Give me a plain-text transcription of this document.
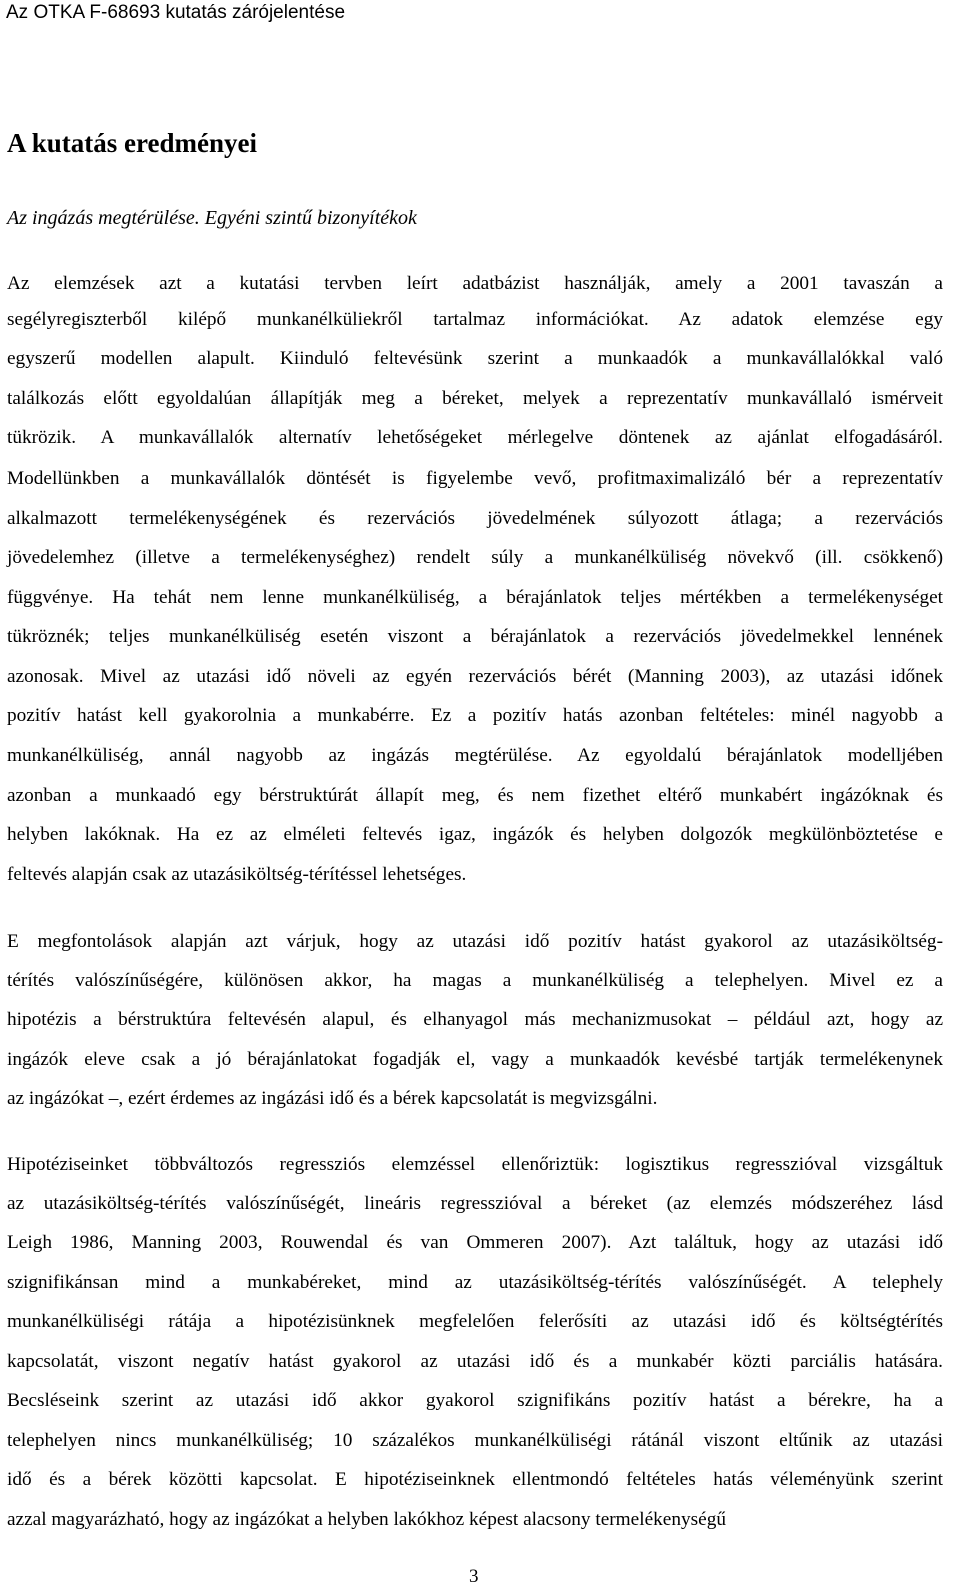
Az OTKA F-68693 kutatás zárójelentése
A kutatás eredményei
Az ingázás megtérülése. Egyéni szintű bizonyítékok
Az elemzések azt a kutatási tervben leírt adatbázist használják, amely a 2001 tavaszán a
segélyregiszterből kilépő munkanélküliekről tartalmaz információkat. Az adatok elemzése egy
egyszerű modellen alapult. Kiinduló feltevésünk szerint a munkaadók a munkavállalókkal való
találkozás előtt egyoldalúan állapítják meg a béreket, melyek a reprezentatív munkavállaló ismérveit
tükrözik. A munkavállalók alternatív lehetőségeket mérlegelve döntenek az ajánlat elfogadásáról.
Modellünkben a munkavállalók döntését is figyelembe vevő, profitmaximalizáló bér a reprezentatív
alkalmazott termelékenységének és rezervációs jövedelmének súlyozott átlaga; a rezervációs
jövedelemhez (illetve a termelékenységhez) rendelt súly a munkanélküliség növekvő (ill. csökkenő)
függvénye. Ha tehát nem lenne munkanélküliség, a bérajánlatok teljes mértékben a termelékenységet
tükröznék; teljes munkanélküliség esetén viszont a bérajánlatok a rezervációs jövedelmekkel lennének
azonosak. Mivel az utazási idő növeli az egyén rezervációs bérét (Manning 2003), az utazási időnek
pozitív hatást kell gyakorolnia a munkabérre. Ez a pozitív hatás azonban feltételes: minél nagyobb a
munkanélküliség, annál nagyobb az ingázás megtérülése. Az egyoldalú bérajánlatok modelljében
azonban a munkaadó egy bérstruktúrát állapít meg, és nem fizethet eltérő munkabért ingázóknak és
helyben lakóknak. Ha ez az elméleti feltevés igaz, ingázók és helyben dolgozók megkülönböztetése e
feltevés alapján csak az utazásiköltség-térítéssel lehetséges.
E megfontolások alapján azt várjuk, hogy az utazási idő pozitív hatást gyakorol az utazásiköltség-
térítés valószínűségére, különösen akkor, ha magas a munkanélküliség a telephelyen. Mivel ez a
hipotézis a bérstruktúra feltevésén alapul, és elhanyagol más mechanizmusokat – például azt, hogy az
ingázók eleve csak a jó bérajánlatokat fogadják el, vagy a munkaadók kevésbé tartják termelékenynek
az ingázókat –, ezért érdemes az ingázási idő és a bérek kapcsolatát is megvizsgálni.
Hipotéziseinket többváltozós regressziós elemzéssel ellenőriztük: logisztikus regresszióval vizsgáltuk
az utazásiköltség-térítés valószínűségét, lineáris regresszióval a béreket (az elemzés módszeréhez lásd
Leigh 1986, Manning 2003, Rouwendal és van Ommeren 2007). Azt találtuk, hogy az utazási idő
szignifikánsan mind a munkabéreket, mind az utazásiköltség-térítés valószínűségét. A telephely
munkanélküliségi rátája a hipotézisünknek megfelelően felerősíti az utazási idő és költségtérítés
kapcsolatát, viszont negatív hatást gyakorol az utazási idő és a munkabér közti parciális hatására.
Becsléseink szerint az utazási idő akkor gyakorol szignifikáns pozitív hatást a bérekre, ha a
telephelyen nincs munkanélküliség; 10 százalékos munkanélküliségi rátánál viszont eltűnik az utazási
idő és a bérek közötti kapcsolat. E hipotéziseinknek ellentmondó feltételes hatás véleményünk szerint
azzal magyarázható, hogy az ingázókat a helyben lakókhoz képest alacsony termelékenységű
3
